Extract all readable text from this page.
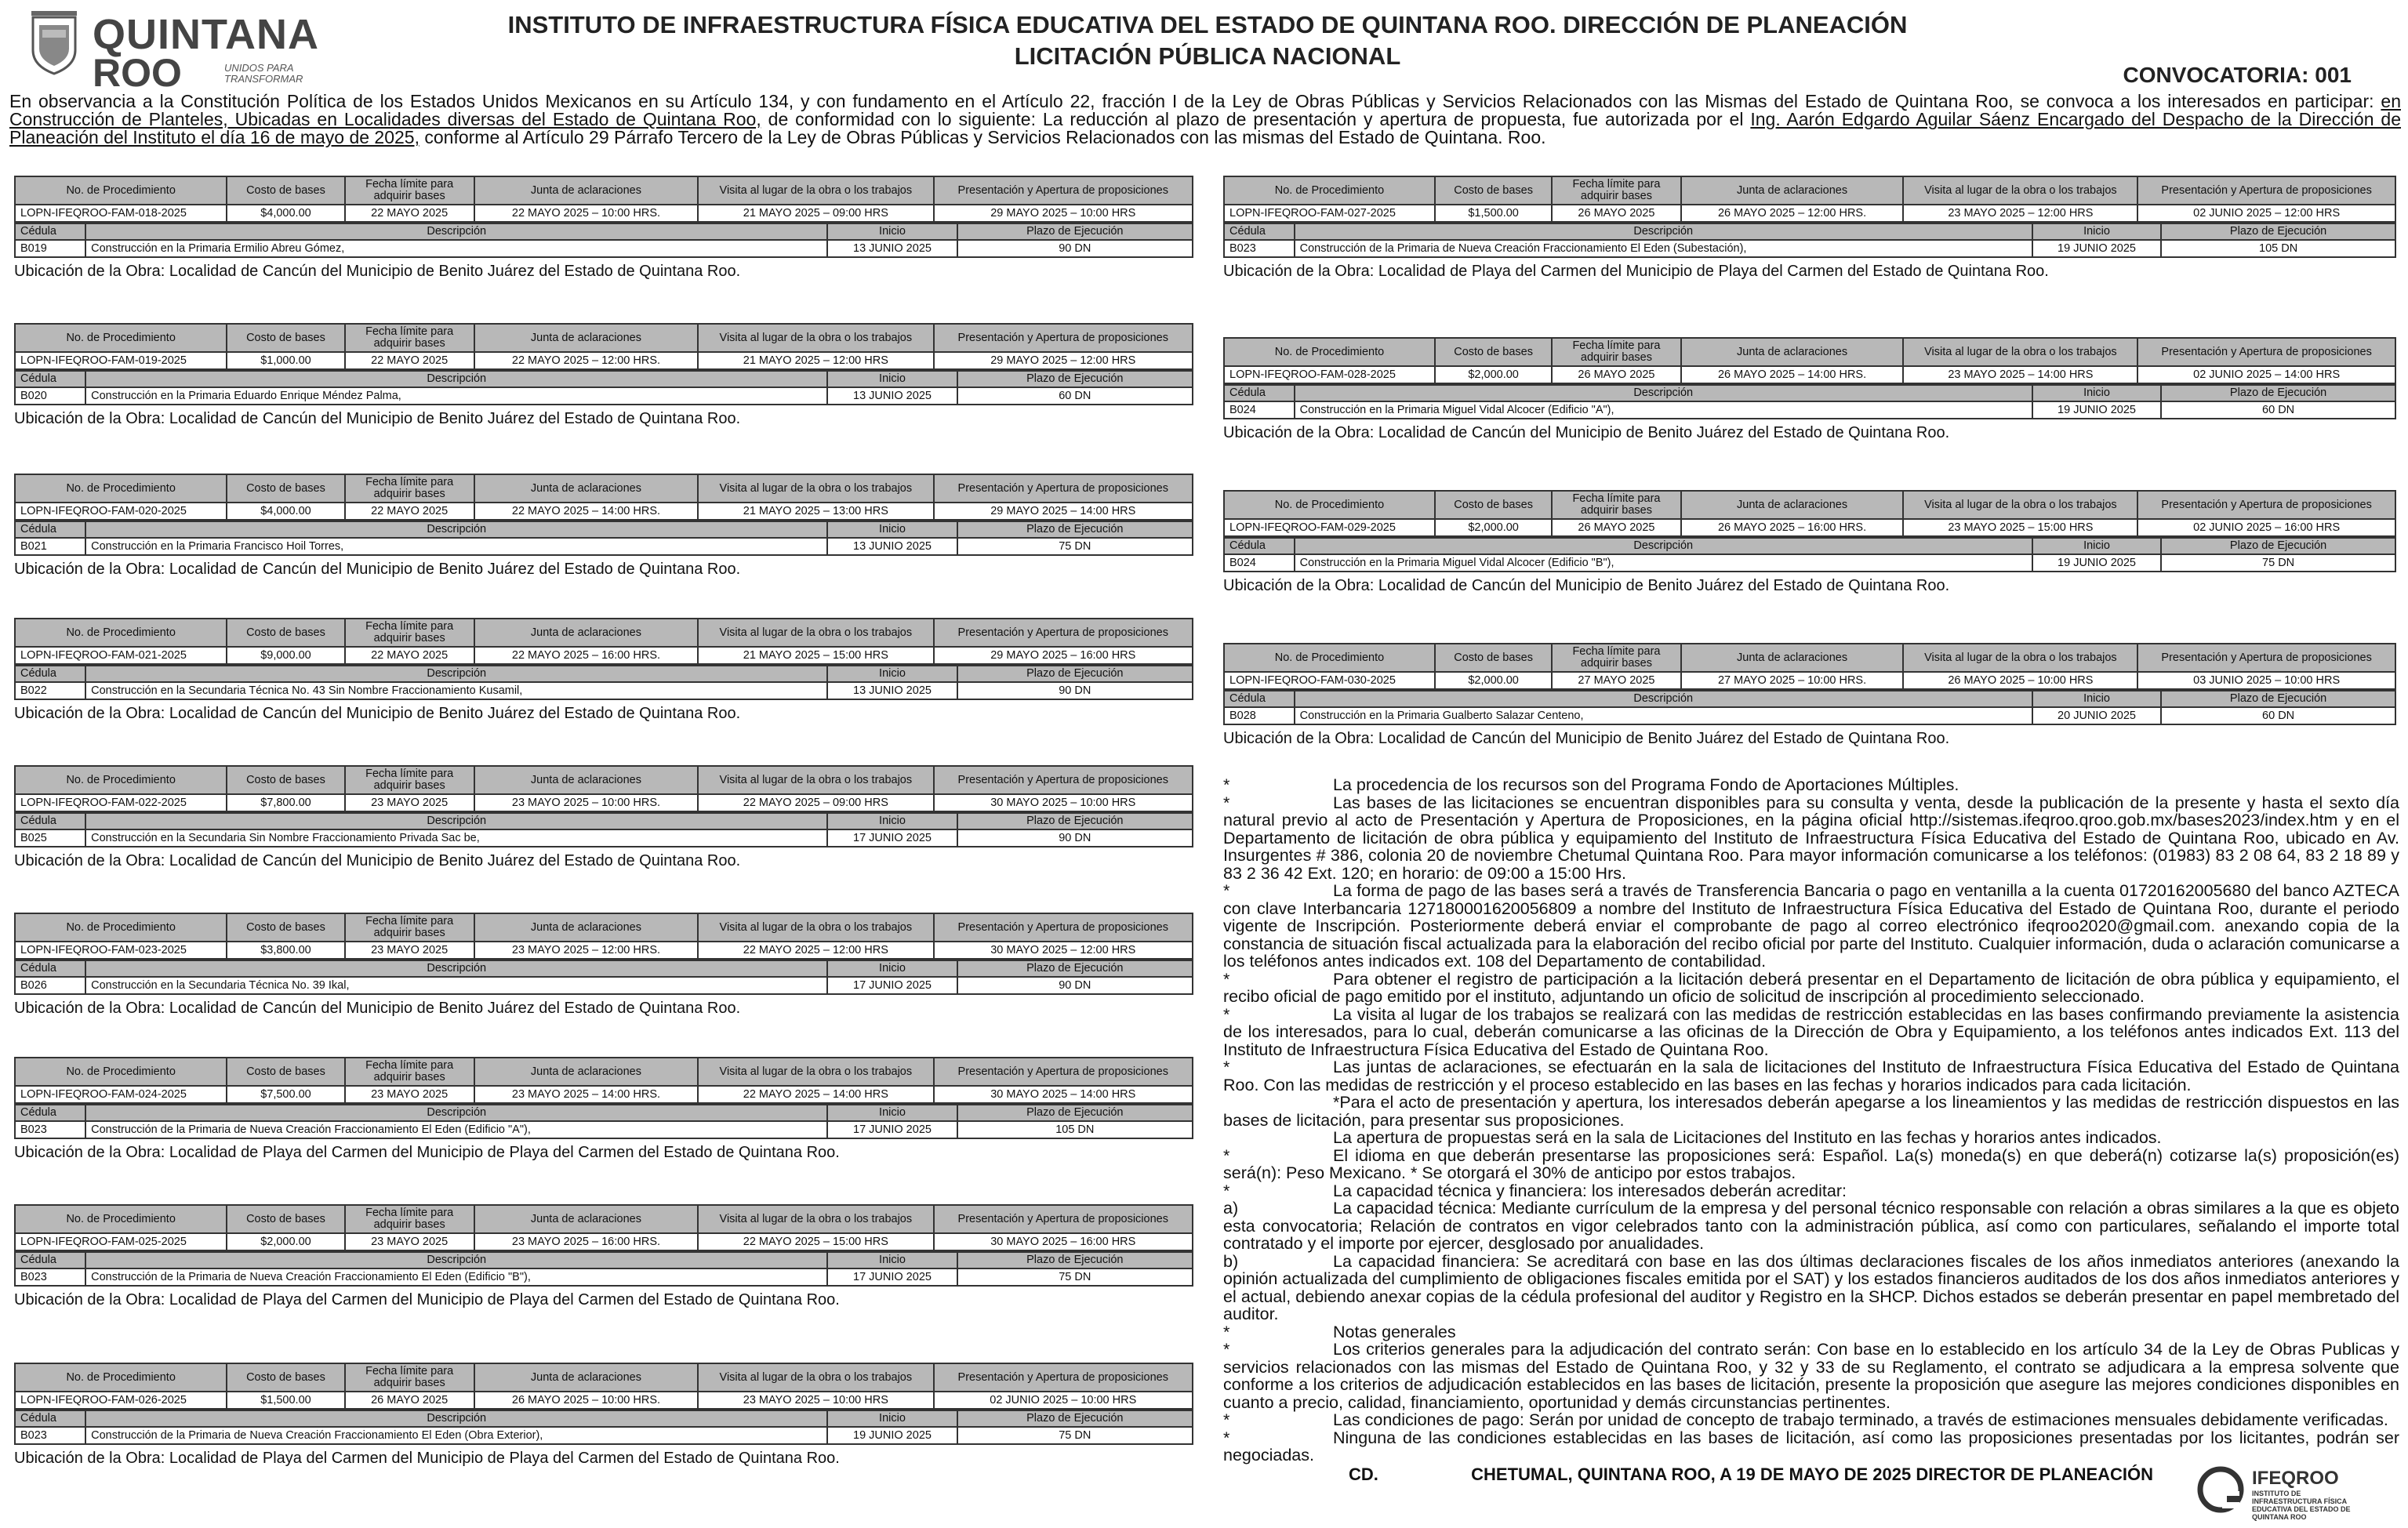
QUINTANA
ROO	UNIDOS PARA TRANSFORMAR
INSTITUTO DE INFRAESTRUCTURA FÍSICA EDUCATIVA DEL ESTADO DE QUINTANA ROO. DIRECCIÓN DE PLANEACIÓN
LICITACIÓN PÚBLICA NACIONAL
CONVOCATORIA: 001
En observancia a la Constitución Política de los Estados Unidos Mexicanos en su Artículo 134, y con fundamento en el Artículo 22, fracción I de la Ley de Obras Públicas y Servicios Relacionados con las Mismas del Estado de Quintana Roo, se convoca a los interesados en participar: en Construcción de Planteles, Ubicadas en Localidades diversas del Estado de Quintana Roo, de conformidad con lo siguiente: La reducción al plazo de presentación y apertura de propuesta, fue autorizada por el Ing. Aarón Edgardo Aguilar Sáenz Encargado del Despacho de la Dirección de Planeación del Instituto el día 16 de mayo de 2025, conforme al Artículo 29 Párrafo Tercero de la Ley de Obras Públicas y Servicios Relacionados con las mismas del Estado de Quintana. Roo.
No. de Procedimiento	Costo de bases	Fecha límite para adquirir bases	Junta de aclaraciones	Visita al lugar de la obra o los trabajos	Presentación y Apertura de proposiciones
LOPN-IFEQROO-FAM-018-2025	$4,000.00	22 MAYO 2025	22 MAYO 2025 – 10:00 HRS.	21 MAYO 2025 – 09:00 HRS	29 MAYO 2025 – 10:00 HRS
Cédula	Descripción	Inicio	Plazo de Ejecución
B019	Construcción en la Primaria Ermilio Abreu Gómez,	13 JUNIO 2025	90 DN
Ubicación de la Obra: Localidad de Cancún del Municipio de Benito Juárez del Estado de Quintana Roo.
No. de Procedimiento	Costo de bases	Fecha límite para adquirir bases	Junta de aclaraciones	Visita al lugar de la obra o los trabajos	Presentación y Apertura de proposiciones
LOPN-IFEQROO-FAM-019-2025	$1,000.00	22 MAYO 2025	22 MAYO 2025 – 12:00 HRS.	21 MAYO 2025 – 12:00 HRS	29 MAYO 2025 – 12:00 HRS
Cédula	Descripción	Inicio	Plazo de Ejecución
B020	Construcción en la Primaria Eduardo Enrique Méndez Palma,	13 JUNIO 2025	60 DN
Ubicación de la Obra: Localidad de Cancún del Municipio de Benito Juárez del Estado de Quintana Roo.
No. de Procedimiento	Costo de bases	Fecha límite para adquirir bases	Junta de aclaraciones	Visita al lugar de la obra o los trabajos	Presentación y Apertura de proposiciones
LOPN-IFEQROO-FAM-020-2025	$4,000.00	22 MAYO 2025	22 MAYO 2025 – 14:00 HRS.	21 MAYO 2025 – 13:00 HRS	29 MAYO 2025 – 14:00 HRS
Cédula	Descripción	Inicio	Plazo de Ejecución
B021	Construcción en la Primaria Francisco Hoil Torres,	13 JUNIO 2025	75 DN
Ubicación de la Obra: Localidad de Cancún del Municipio de Benito Juárez del Estado de Quintana Roo.
No. de Procedimiento	Costo de bases	Fecha límite para adquirir bases	Junta de aclaraciones	Visita al lugar de la obra o los trabajos	Presentación y Apertura de proposiciones
LOPN-IFEQROO-FAM-021-2025	$9,000.00	22 MAYO 2025	22 MAYO 2025 – 16:00 HRS.	21 MAYO 2025 – 15:00 HRS	29 MAYO 2025 – 16:00 HRS
Cédula	Descripción	Inicio	Plazo de Ejecución
B022	Construcción en la Secundaria Técnica No. 43 Sin Nombre Fraccionamiento Kusamil,	13 JUNIO 2025	90 DN
Ubicación de la Obra: Localidad de Cancún del Municipio de Benito Juárez del Estado de Quintana Roo.
No. de Procedimiento	Costo de bases	Fecha límite para adquirir bases	Junta de aclaraciones	Visita al lugar de la obra o los trabajos	Presentación y Apertura de proposiciones
LOPN-IFEQROO-FAM-022-2025	$7,800.00	23 MAYO 2025	23 MAYO 2025 – 10:00 HRS.	22 MAYO 2025 – 09:00 HRS	30 MAYO 2025 – 10:00 HRS
Cédula	Descripción	Inicio	Plazo de Ejecución
B025	Construcción en la Secundaria Sin Nombre Fraccionamiento Privada Sac be,	17 JUNIO 2025	90 DN
Ubicación de la Obra: Localidad de Cancún del Municipio de Benito Juárez del Estado de Quintana Roo.
No. de Procedimiento	Costo de bases	Fecha límite para adquirir bases	Junta de aclaraciones	Visita al lugar de la obra o los trabajos	Presentación y Apertura de proposiciones
LOPN-IFEQROO-FAM-023-2025	$3,800.00	23 MAYO 2025	23 MAYO 2025 – 12:00 HRS.	22 MAYO 2025 – 12:00 HRS	30 MAYO 2025 – 12:00 HRS
Cédula	Descripción	Inicio	Plazo de Ejecución
B026	Construcción en la Secundaria Técnica No. 39 Ikal,	17 JUNIO 2025	90 DN
Ubicación de la Obra: Localidad de Cancún del Municipio de Benito Juárez del Estado de Quintana Roo.
No. de Procedimiento	Costo de bases	Fecha límite para adquirir bases	Junta de aclaraciones	Visita al lugar de la obra o los trabajos	Presentación y Apertura de proposiciones
LOPN-IFEQROO-FAM-024-2025	$7,500.00	23 MAYO 2025	23 MAYO 2025 – 14:00 HRS.	22 MAYO 2025 – 14:00 HRS	30 MAYO 2025 – 14:00 HRS
Cédula	Descripción	Inicio	Plazo de Ejecución
B023	Construcción de la Primaria de Nueva Creación Fraccionamiento El Eden (Edificio "A"),	17 JUNIO 2025	105 DN
Ubicación de la Obra: Localidad de Playa del Carmen del Municipio de Playa del Carmen del Estado de Quintana Roo.
No. de Procedimiento	Costo de bases	Fecha límite para adquirir bases	Junta de aclaraciones	Visita al lugar de la obra o los trabajos	Presentación y Apertura de proposiciones
LOPN-IFEQROO-FAM-025-2025	$2,000.00	23 MAYO 2025	23 MAYO 2025 – 16:00 HRS.	22 MAYO 2025 – 15:00 HRS	30 MAYO 2025 – 16:00 HRS
Cédula	Descripción	Inicio	Plazo de Ejecución
B023	Construcción de la Primaria de Nueva Creación Fraccionamiento El Eden (Edificio "B"),	17 JUNIO 2025	75 DN
Ubicación de la Obra: Localidad de Playa del Carmen del Municipio de Playa del Carmen del Estado de Quintana Roo.
No. de Procedimiento	Costo de bases	Fecha límite para adquirir bases	Junta de aclaraciones	Visita al lugar de la obra o los trabajos	Presentación y Apertura de proposiciones
LOPN-IFEQROO-FAM-026-2025	$1,500.00	26 MAYO 2025	26 MAYO 2025 – 10:00 HRS.	23 MAYO 2025 – 10:00 HRS	02 JUNIO 2025 – 10:00 HRS
Cédula	Descripción	Inicio	Plazo de Ejecución
B023	Construcción de la Primaria de Nueva Creación Fraccionamiento El Eden (Obra Exterior),	19 JUNIO 2025	75 DN
Ubicación de la Obra: Localidad de Playa del Carmen del Municipio de Playa del Carmen del Estado de Quintana Roo.
No. de Procedimiento	Costo de bases	Fecha límite para adquirir bases	Junta de aclaraciones	Visita al lugar de la obra o los trabajos	Presentación y Apertura de proposiciones
LOPN-IFEQROO-FAM-027-2025	$1,500.00	26 MAYO 2025	26 MAYO 2025 – 12:00 HRS.	23 MAYO 2025 – 12:00 HRS	02 JUNIO 2025 – 12:00 HRS
Cédula	Descripción	Inicio	Plazo de Ejecución
B023	Construcción de la Primaria de Nueva Creación Fraccionamiento El Eden (Subestación),	19 JUNIO 2025	105 DN
Ubicación de la Obra: Localidad de Playa del Carmen del Municipio de Playa del Carmen del Estado de Quintana Roo.
No. de Procedimiento	Costo de bases	Fecha límite para adquirir bases	Junta de aclaraciones	Visita al lugar de la obra o los trabajos	Presentación y Apertura de proposiciones
LOPN-IFEQROO-FAM-028-2025	$2,000.00	26 MAYO 2025	26 MAYO 2025 – 14:00 HRS.	23 MAYO 2025 – 14:00 HRS	02 JUNIO 2025 – 14:00 HRS
Cédula	Descripción	Inicio	Plazo de Ejecución
B024	Construcción en la Primaria Miguel Vidal Alcocer (Edificio "A"),	19 JUNIO 2025	60 DN
Ubicación de la Obra: Localidad de Cancún del Municipio de Benito Juárez del Estado de Quintana Roo.
No. de Procedimiento	Costo de bases	Fecha límite para adquirir bases	Junta de aclaraciones	Visita al lugar de la obra o los trabajos	Presentación y Apertura de proposiciones
LOPN-IFEQROO-FAM-029-2025	$2,000.00	26 MAYO 2025	26 MAYO 2025 – 16:00 HRS.	23 MAYO 2025 – 15:00 HRS	02 JUNIO 2025 – 16:00 HRS
Cédula	Descripción	Inicio	Plazo de Ejecución
B024	Construcción en la Primaria Miguel Vidal Alcocer (Edificio "B"),	19 JUNIO 2025	75 DN
Ubicación de la Obra: Localidad de Cancún del Municipio de Benito Juárez del Estado de Quintana Roo.
No. de Procedimiento	Costo de bases	Fecha límite para adquirir bases	Junta de aclaraciones	Visita al lugar de la obra o los trabajos	Presentación y Apertura de proposiciones
LOPN-IFEQROO-FAM-030-2025	$2,000.00	27 MAYO 2025	27 MAYO 2025 – 10:00 HRS.	26 MAYO 2025 – 10:00 HRS	03 JUNIO 2025 – 10:00 HRS
Cédula	Descripción	Inicio	Plazo de Ejecución
B028	Construcción en la Primaria Gualberto Salazar Centeno,	20 JUNIO 2025	60 DN
Ubicación de la Obra: Localidad de Cancún del Municipio de Benito Juárez del Estado de Quintana Roo.

*	La procedencia de los recursos son del Programa Fondo de Aportaciones Múltiples.

*	Las bases de las licitaciones se encuentran disponibles para su consulta y venta, desde la publicación de la presente y hasta el sexto día natural previo al acto de Presentación y Apertura de Proposiciones, en la página oficial http://sistemas.ifeqroo.qroo.gob.mx/bases2023/index.htm y en el Departamento de licitación de obra pública y equipamiento del Instituto de Infraestructura Física Educativa del Estado de Quintana Roo, ubicado en Av. Insurgentes # 386, colonia 20 de noviembre Chetumal Quintana Roo. Para mayor información comunicarse a los teléfonos: (01983) 83 2 08 64, 83 2 18 89 y 83 2 36 42 Ext. 120; en horario: de 09:00 a 15:00 Hrs.

*	La forma de pago de las bases será a través de Transferencia Bancaria o pago en ventanilla a la cuenta 01720162005680 del banco AZTECA con clave Interbancaria 127180001620056809 a nombre del Instituto de Infraestructura Física Educativa del Estado de Quintana Roo, durante el periodo vigente de Inscripción. Posteriormente deberá enviar el comprobante de pago al correo electrónico ifeqroo2020@gmail.com. anexando copia de la constancia de situación fiscal actualizada para la elaboración del recibo oficial por parte del Instituto. Cualquier información, duda o aclaración comunicarse a los teléfonos antes indicados ext. 108 del Departamento de contabilidad.

*	Para obtener el registro de participación a la licitación deberá presentar en el Departamento de licitación de obra pública y equipamiento, el recibo oficial de pago emitido por el instituto, adjuntando un oficio de solicitud de inscripción al procedimiento seleccionado.

*	La visita al lugar de los trabajos se realizará con las medidas de restricción establecidas en las bases confirmando previamente la asistencia de los interesados, para lo cual, deberán comunicarse a las oficinas de la Dirección de Obra y Equipamiento, a los teléfonos antes indicados Ext. 113 del Instituto de Infraestructura Física Educativa del Estado de Quintana Roo.

*	Las juntas de aclaraciones, se efectuarán en la sala de licitaciones del Instituto de Infraestructura Física Educativa del Estado de Quintana Roo. Con las medidas de restricción y el proceso establecido en las bases en las fechas y horarios indicados para cada licitación.

*Para el acto de presentación y apertura, los interesados deberán apegarse a los lineamientos y las medidas de restricción dispuestos en las bases de licitación, para presentar sus proposiciones.

La apertura de propuestas será en la sala de Licitaciones del Instituto en las fechas y horarios antes indicados.

*	El idioma en que deberán presentarse las proposiciones será: Español. La(s) moneda(s) en que deberá(n) cotizarse la(s) proposición(es) será(n): Peso Mexicano. * Se otorgará el 30% de anticipo por estos trabajos.

*	La capacidad técnica y financiera: los interesados deberán acreditar:

a)	La capacidad técnica: Mediante currículum de la empresa y del personal técnico responsable con relación a obras similares a la que es objeto esta convocatoria; Relación de contratos en vigor celebrados tanto con la administración pública, así como con particulares, señalando el importe total contratado y el importe por ejercer, desglosado por anualidades.

b)	La capacidad financiera: Se acreditará con base en las dos últimas declaraciones fiscales de los años inmediatos anteriores (anexando la opinión actualizada del cumplimiento de obligaciones fiscales emitida por el SAT) y los estados financieros auditados de los dos años inmediatos anteriores y el actual, debiendo anexar copias de la cédula profesional del auditor y Registro en la SHCP. Dichos estados se deberán presentar en papel membretado del auditor.

*	Notas generales

*	Los criterios generales para la adjudicación del contrato serán: Con base en lo establecido en los artículo 34 de la Ley de Obras Publicas y servicios relacionados con las mismas del Estado de Quintana Roo, y 32 y 33 de su Reglamento, el contrato se adjudicara a la empresa solvente que conforme a los criterios de adjudicación establecidos en las bases de licitación, presente la proposición que asegure las mejores condiciones disponibles en cuanto a precio, calidad, financiamiento, oportunidad y demás circunstancias pertinentes.

*	Las condiciones de pago: Serán por unidad de concepto de trabajo terminado, a través de estimaciones mensuales debidamente verificadas.

*	Ninguna de las condiciones establecidas en las bases de licitación, así como las proposiciones presentadas por los licitantes, podrán ser negociadas.

CD.	CHETUMAL, QUINTANA ROO, A 19 DE MAYO DE 2025 DIRECTOR DE PLANEACIÓN	IFEQROO
INSTITUTO DE INFRAESTRUCTURA FÍSICA EDUCATIVA DEL ESTADO DE QUINTANA ROO
